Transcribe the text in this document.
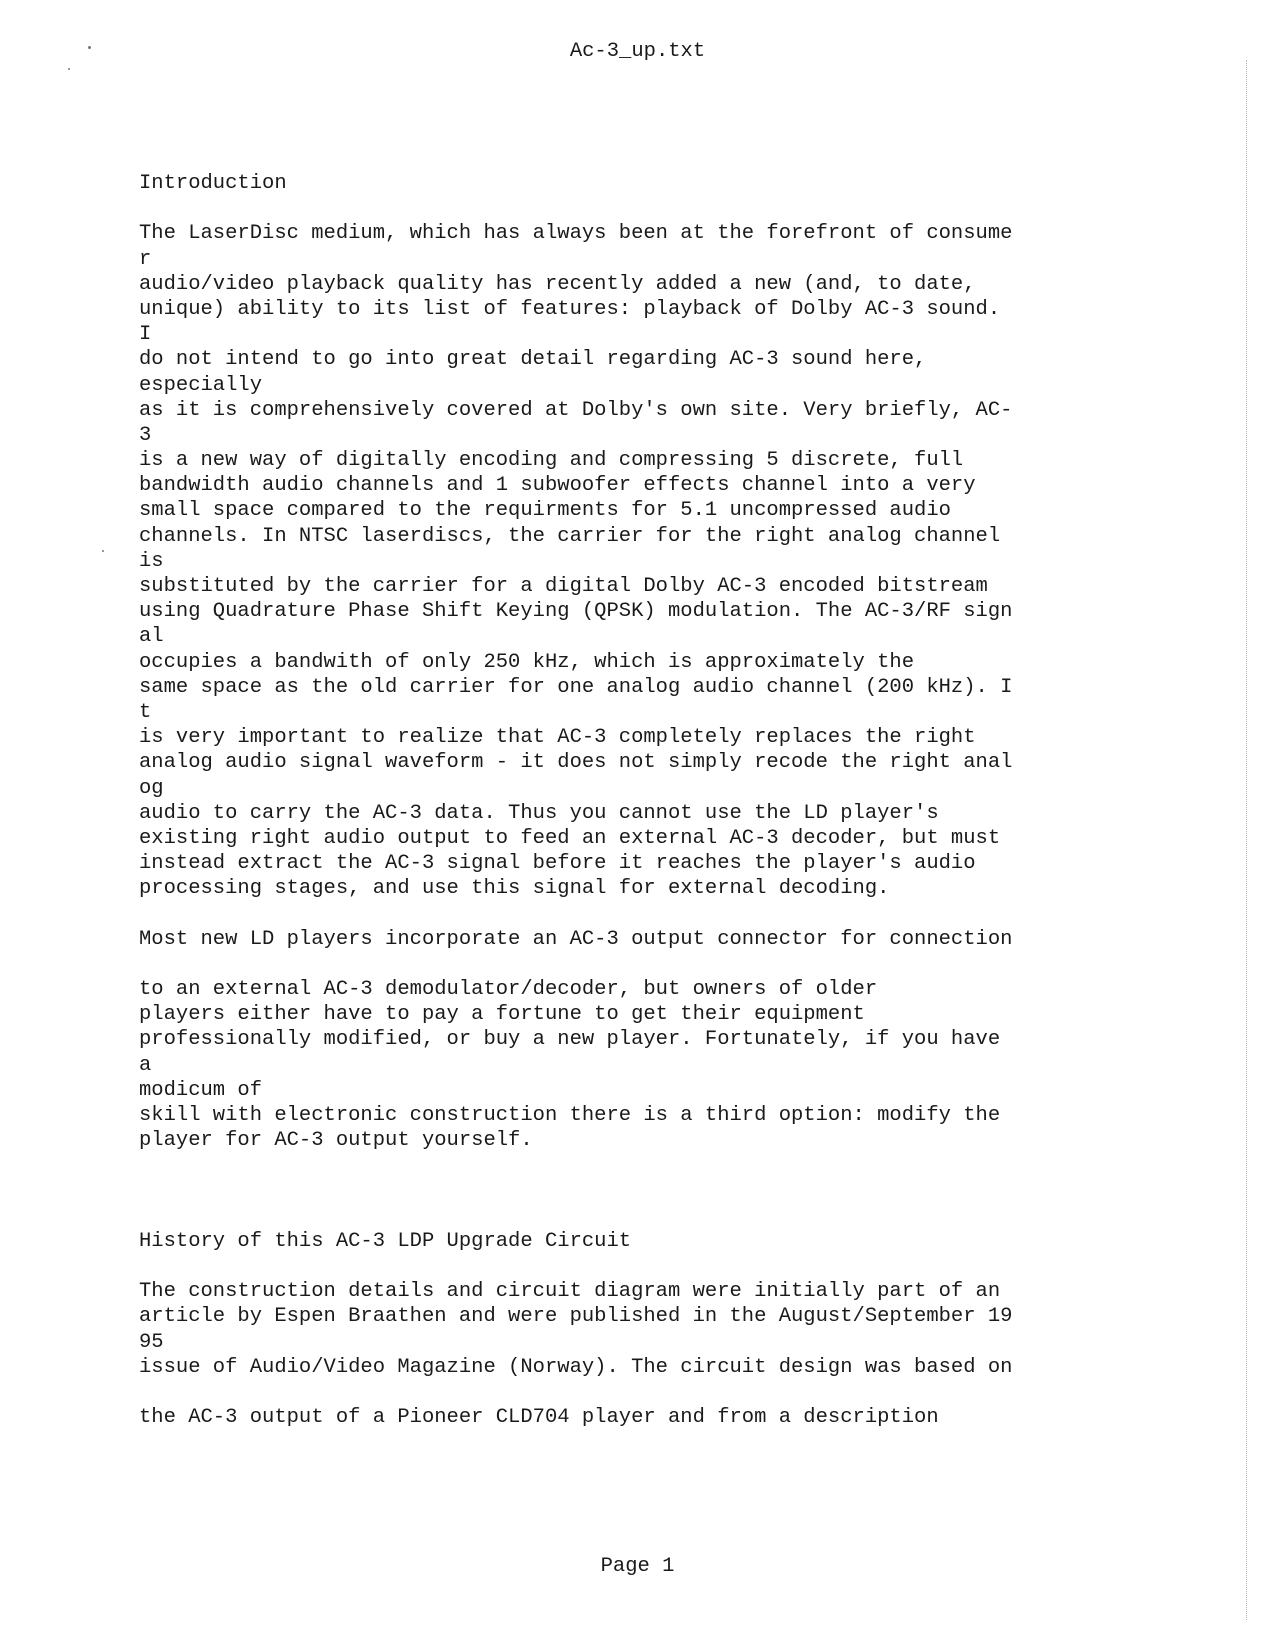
Ac-3_up.txt
Introduction
The LaserDisc medium, which has always been at the forefront of consume
r
audio/video playback quality has recently added a new (and, to date,
unique) ability to its list of features: playback of Dolby AC-3 sound.
I
do not intend to go into great detail regarding AC-3 sound here,
especially
as it is comprehensively covered at Dolby's own site. Very briefly, AC-
3
is a new way of digitally encoding and compressing 5 discrete, full
bandwidth audio channels and 1 subwoofer effects channel into a very
small space compared to the requirments for 5.1 uncompressed audio
channels. In NTSC laserdiscs, the carrier for the right analog channel
is
substituted by the carrier for a digital Dolby AC-3 encoded bitstream
using Quadrature Phase Shift Keying (QPSK) modulation. The AC-3/RF sign
al
occupies a bandwith of only 250 kHz, which is approximately the
same space as the old carrier for one analog audio channel (200 kHz). I
t
is very important to realize that AC-3 completely replaces the right
analog audio signal waveform - it does not simply recode the right anal
og
audio to carry the AC-3 data. Thus you cannot use the LD player's
existing right audio output to feed an external AC-3 decoder, but must
instead extract the AC-3 signal before it reaches the player's audio
processing stages, and use this signal for external decoding.
Most new LD players incorporate an AC-3 output connector for connection
to an external AC-3 demodulator/decoder, but owners of older
players either have to pay a fortune to get their equipment
professionally modified, or buy a new player. Fortunately, if you have
a
modicum of
skill with electronic construction there is a third option: modify the
player for AC-3 output yourself.
History of this AC-3 LDP Upgrade Circuit
The construction details and circuit diagram were initially part of an
article by Espen Braathen and were published in the August/September 19
95
issue of Audio/Video Magazine (Norway). The circuit design was based on
the AC-3 output of a Pioneer CLD704 player and from a description
Page 1
